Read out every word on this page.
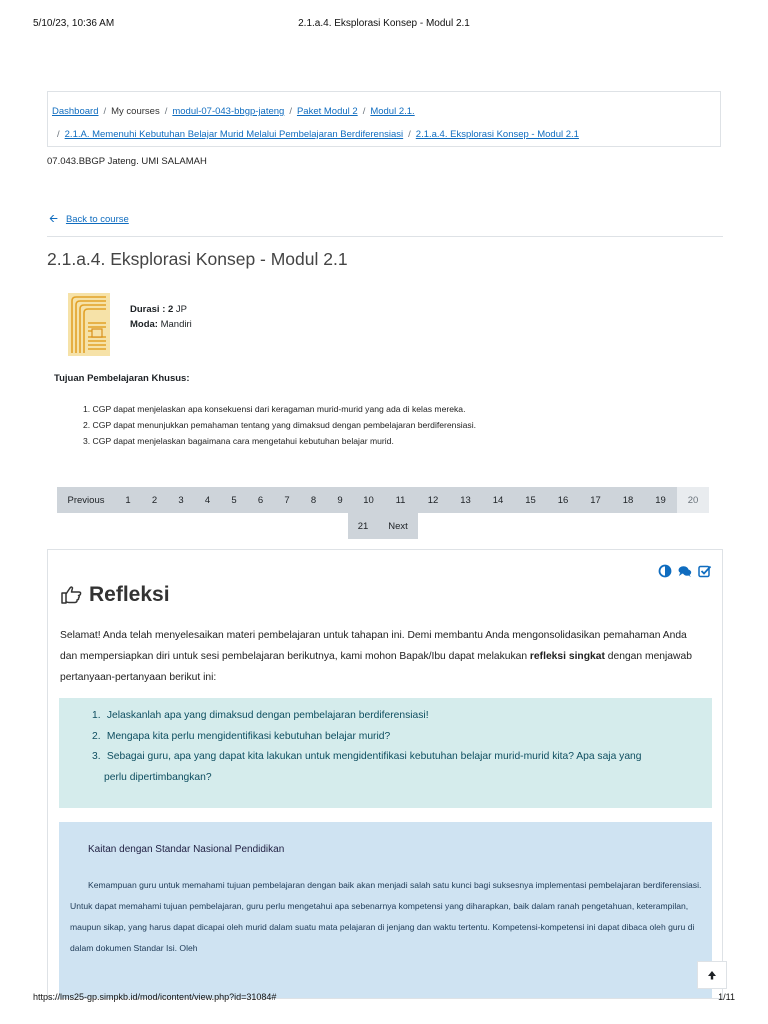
5/10/23, 10:36 AM	2.1.a.4. Eksplorasi Konsep - Modul 2.1
Dashboard / My courses / modul-07-043-bbgp-jateng / Paket Modul 2 / Modul 2.1.
/ 2.1.A. Memenuhi Kebutuhan Belajar Murid Melalui Pembelajaran Berdiferensiasi / 2.1.a.4. Eksplorasi Konsep - Modul 2.1
07.043.BBGP Jateng. UMI SALAMAH
🡨 Back to course
2.1.a.4. Eksplorasi Konsep - Modul 2.1
Durasi : 2 JP
Moda: Mandiri
Tujuan Pembelajaran Khusus:
1. CGP dapat menjelaskan apa konsekuensi dari keragaman murid-murid yang ada di kelas mereka.
2. CGP dapat menunjukkan pemahaman tentang yang dimaksud dengan pembelajaran berdiferensiasi.
3. CGP dapat menjelaskan bagaimana cara mengetahui kebutuhan belajar murid.
Previous	1	2	3	4	5	6	7	8	9	10	11	12	13	14	15	16	17	18	19	20
21	Next
Refleksi

Selamat! Anda telah menyelesaikan materi pembelajaran untuk tahapan ini. Demi membantu Anda mengonsolidasikan pemahaman Anda dan mempersiapkan diri untuk sesi pembelajaran berikutnya, kami mohon Bapak/Ibu dapat melakukan refleksi singkat dengan menjawab pertanyaan-pertanyaan berikut ini:

1. Jelaskanlah apa yang dimaksud dengan pembelajaran berdiferensiasi!
2. Mengapa kita perlu mengidentifikasi kebutuhan belajar murid?
3. Sebagai guru, apa yang dapat kita lakukan untuk mengidentifikasi kebutuhan belajar murid-murid kita? Apa saja yang
perlu dipertimbangkan?
Kaitan dengan Standar Nasional Pendidikan

Kemampuan guru untuk memahami tujuan pembelajaran dengan baik akan menjadi salah satu kunci bagi suksesnya implementasi pembelajaran berdiferensiasi. Untuk dapat memahami tujuan pembelajaran, guru perlu mengetahui apa sebenarnya kompetensi yang diharapkan, baik dalam ranah pengetahuan, keterampilan, maupun sikap, yang harus dapat dicapai oleh murid dalam suatu mata pelajaran di jenjang dan waktu tertentu. Kompetensi-kompetensi ini dapat dibaca oleh guru di dalam dokumen Standar Isi. Oleh

https://lms25-gp.simpkb.id/mod/icontent/view.php?id=31084#	1/11
